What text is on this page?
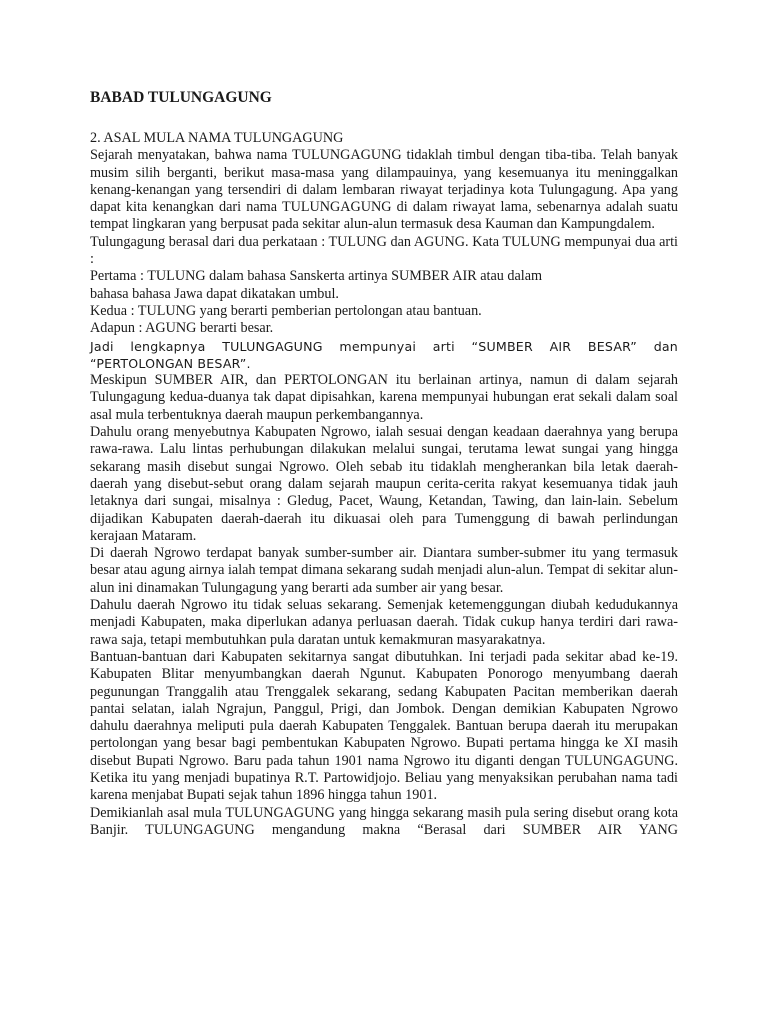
BABAD TULUNGAGUNG

2. ASAL MULA NAMA TULUNGAGUNG

Sejarah menyatakan, bahwa nama TULUNGAGUNG tidaklah timbul dengan tiba-tiba. Telah banyak musim silih berganti, berikut masa-masa yang dilampauinya, yang kesemuanya itu meninggalkan kenang-kenangan yang tersendiri di dalam lembaran riwayat terjadinya kota Tulungagung. Apa yang dapat kita kenangkan dari nama TULUNGAGUNG di dalam riwayat lama, sebenarnya adalah suatu tempat lingkaran yang berpusat pada sekitar alun-alun termasuk desa Kauman dan Kampungdalem.

Tulungagung berasal dari dua perkataan : TULUNG dan AGUNG. Kata TULUNG mempunyai dua arti :

Pertama : TULUNG dalam bahasa Sanskerta artinya SUMBER AIR atau dalam

bahasa bahasa Jawa dapat dikatakan umbul.

Kedua : TULUNG yang berarti pemberian pertolongan atau bantuan.

Adapun : AGUNG berarti besar.

Jadi lengkapnya TULUNGAGUNG mempunyai arti “SUMBER AIR BESAR” dan “PERTOLONGAN BESAR”.

Meskipun SUMBER AIR, dan PERTOLONGAN itu berlainan artinya, namun di dalam sejarah Tulungagung kedua-duanya tak dapat dipisahkan, karena mempunyai hubungan erat sekali dalam soal asal mula terbentuknya daerah maupun perkembangannya.

Dahulu orang menyebutnya Kabupaten Ngrowo, ialah sesuai dengan keadaan daerahnya yang berupa rawa-rawa. Lalu lintas perhubungan dilakukan melalui sungai, terutama lewat sungai yang hingga sekarang masih disebut sungai Ngrowo. Oleh sebab itu tidaklah mengherankan bila letak daerah-daerah yang disebut-sebut orang dalam sejarah maupun cerita-cerita rakyat kesemuanya tidak jauh letaknya dari sungai, misalnya : Gledug, Pacet, Waung, Ketandan, Tawing, dan lain-lain. Sebelum dijadikan Kabupaten daerah-daerah itu dikuasai oleh para Tumenggung di bawah perlindungan kerajaan Mataram.

Di daerah Ngrowo terdapat banyak sumber-sumber air. Diantara sumber-submer itu yang termasuk besar atau agung airnya ialah tempat dimana sekarang sudah menjadi alun-alun. Tempat di sekitar alun-alun ini dinamakan Tulungagung yang berarti ada sumber air yang besar.

Dahulu daerah Ngrowo itu tidak seluas sekarang. Semenjak ketemenggungan diubah kedudukannya menjadi Kabupaten, maka diperlukan adanya perluasan daerah. Tidak cukup hanya terdiri dari rawa-rawa saja, tetapi membutuhkan pula daratan untuk kemakmuran masyarakatnya.

Bantuan-bantuan dari Kabupaten sekitarnya sangat dibutuhkan. Ini terjadi pada sekitar abad ke-19. Kabupaten Blitar menyumbangkan daerah Ngunut. Kabupaten Ponorogo menyumbang daerah pegunungan Tranggalih atau Trenggalek sekarang, sedang Kabupaten Pacitan memberikan daerah pantai selatan, ialah Ngrajun, Panggul, Prigi, dan Jombok. Dengan demikian Kabupaten Ngrowo dahulu daerahnya meliputi pula daerah Kabupaten Tenggalek. Bantuan berupa daerah itu merupakan pertolongan yang besar bagi pembentukan Kabupaten Ngrowo. Bupati pertama hingga ke XI masih disebut Bupati Ngrowo. Baru pada tahun 1901 nama Ngrowo itu diganti dengan TULUNGAGUNG. Ketika itu yang menjadi bupatinya R.T. Partowidjojo. Beliau yang menyaksikan perubahan nama tadi karena menjabat Bupati sejak tahun 1896 hingga tahun 1901.

Demikianlah asal mula TULUNGAGUNG yang hingga sekarang masih pula sering disebut orang kota Banjir. TULUNGAGUNG mengandung makna “Berasal dari SUMBER AIR YANG
